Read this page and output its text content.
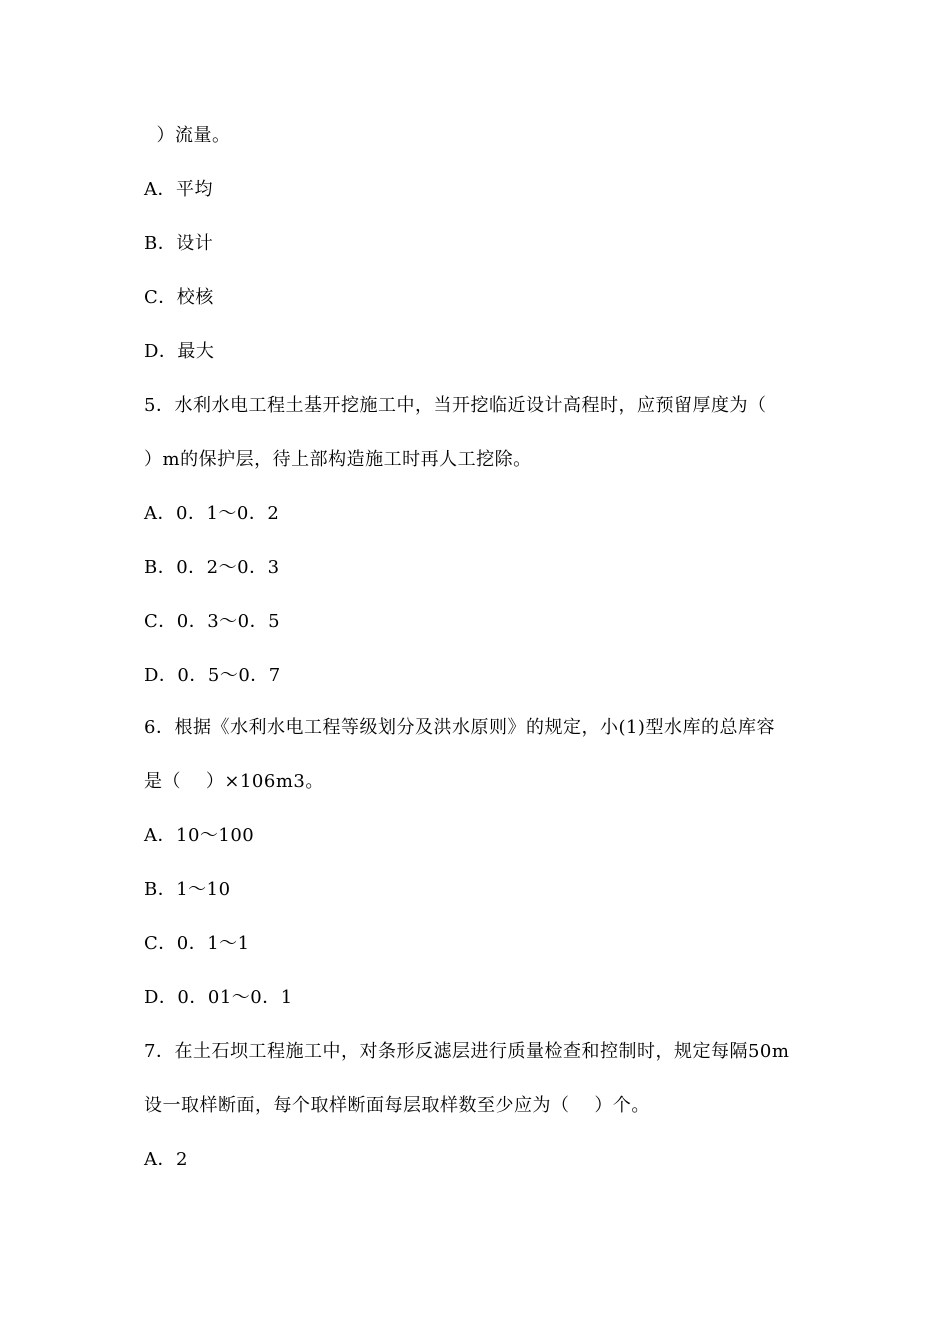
）流量。
A．平均
B．设计
C．校核
D．最大
5．水利水电工程土基开挖施工中，当开挖临近设计高程时，应预留厚度为（
）m的保护层，待上部构造施工时再人工挖除。
A．0．1～0．2
B．0．2～0．3
C．0．3～0．5
D．0．5～0．7
6．根据《水利水电工程等级划分及洪水原则》的规定，小(1)型水库的总库容
是（    ）×106m3。
A．10～100
B．1～10
C．0．1～1
D．0．01～0．1
7．在土石坝工程施工中，对条形反滤层进行质量检查和控制时，规定每隔50m
设一取样断面，每个取样断面每层取样数至少应为（    ）个。
A．2
